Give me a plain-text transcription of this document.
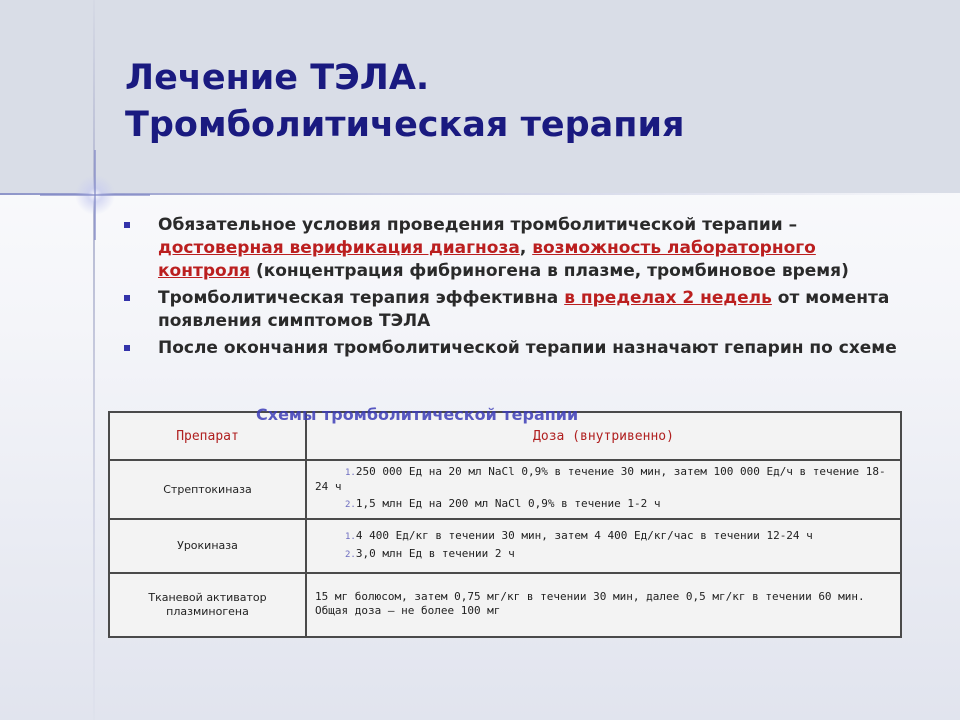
Лечение ТЭЛА.
Тромболитическая терапия
Обязательное условия проведения тромболитической терапии – достоверная верификация диагноза, возможность лабораторного контроля (концентрация фибриногена в плазме, тромбиновое время)
Тромболитическая терапия эффективна в пределах 2 недель от момента появления симптомов ТЭЛА
После окончания тромболитической терапии назначают гепарин по схеме
Препарат	Доза (внутривенно)
Стрептокиназа	1.250 000 Ед на 20 мл NaCl 0,9% в течение 30 мин, затем 100 000 Ед/ч в течение 18-24 ч
2.1,5 млн Ед на 200 мл NaCl 0,9% в течение 1-2 ч

Урокиназа	1.4 400 Ед/кг в течении 30 мин, затем 4 400 Ед/кг/час в течении 12-24 ч
2.3,0 млн Ед в течении 2 ч

Тканевой активатор плазминогена	15 мг болюсом, затем 0,75 мг/кг в течении 30 мин, далее 0,5 мг/кг в течении 60 мин. Общая доза – не более 100 мг

Схемы тромболитической терапии
